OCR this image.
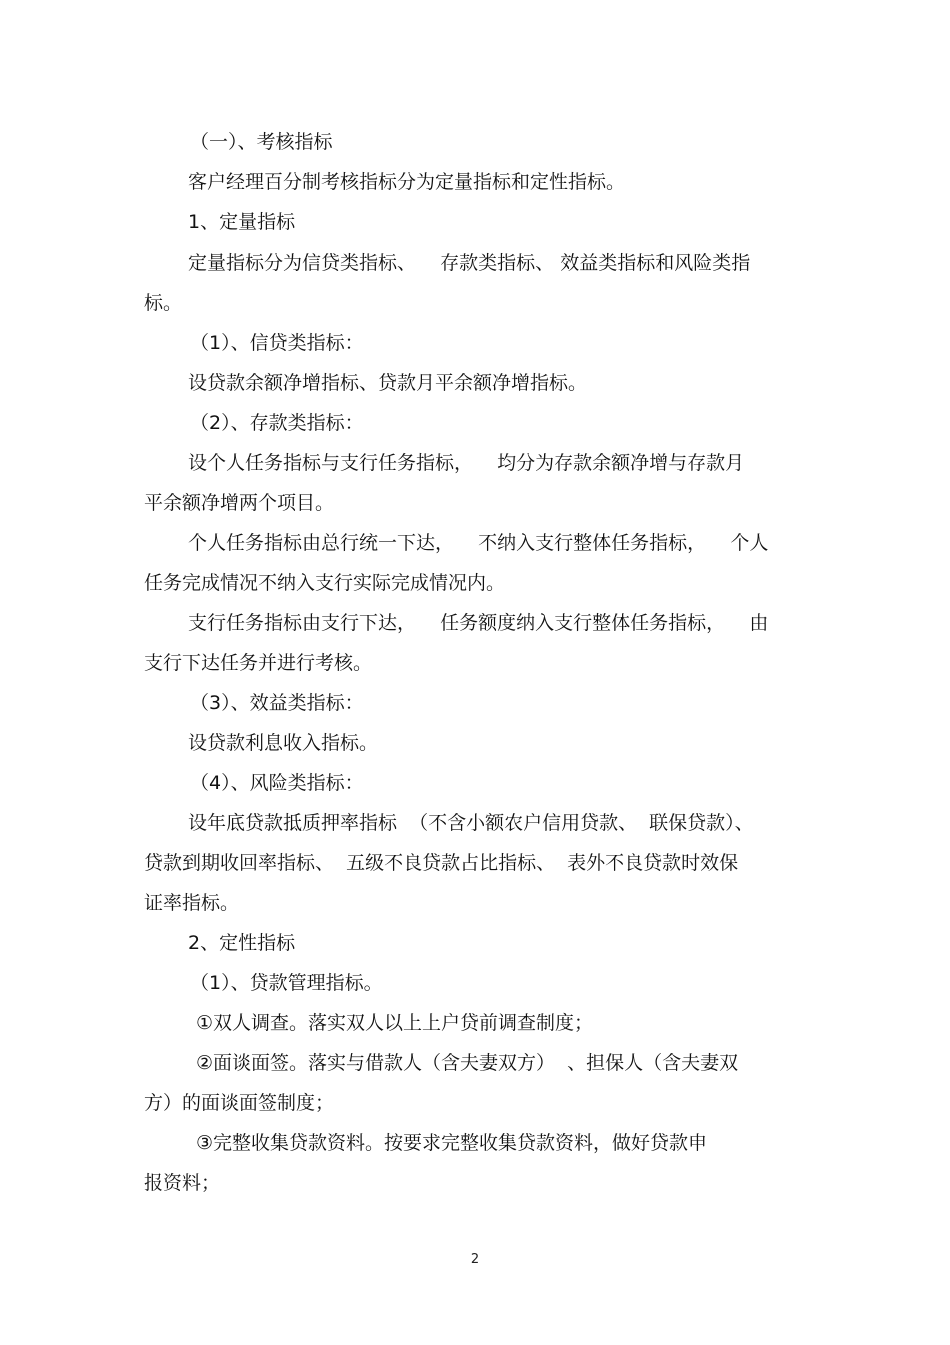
（一）、考核指标
客户经理百分制考核指标分为定量指标和定性指标。
1、定量指标
定量指标分为信贷类指标、    存款类指标、 效益类指标和风险类指
标。
（1）、信贷类指标：
设贷款余额净增指标、贷款月平余额净增指标。
（2）、存款类指标：
设个人任务指标与支行任务指标，    均分为存款余额净增与存款月
平余额净增两个项目。
个人任务指标由总行统一下达，    不纳入支行整体任务指标，    个人
任务完成情况不纳入支行实际完成情况内。
支行任务指标由支行下达，    任务额度纳入支行整体任务指标，    由
支行下达任务并进行考核。
（3）、效益类指标：
设贷款利息收入指标。
（4）、风险类指标：
设年底贷款抵质押率指标  （不含小额农户信用贷款、  联保贷款）、
贷款到期收回率指标、  五级不良贷款占比指标、  表外不良贷款时效保
证率指标。
2、定性指标
（1）、贷款管理指标。
①双人调查。落实双人以上上户贷前调查制度；
②面谈面签。落实与借款人（含夫妻双方）  、担保人（含夫妻双
方）的面谈面签制度；
③完整收集贷款资料。按要求完整收集贷款资料，做好贷款申
报资料；
2
